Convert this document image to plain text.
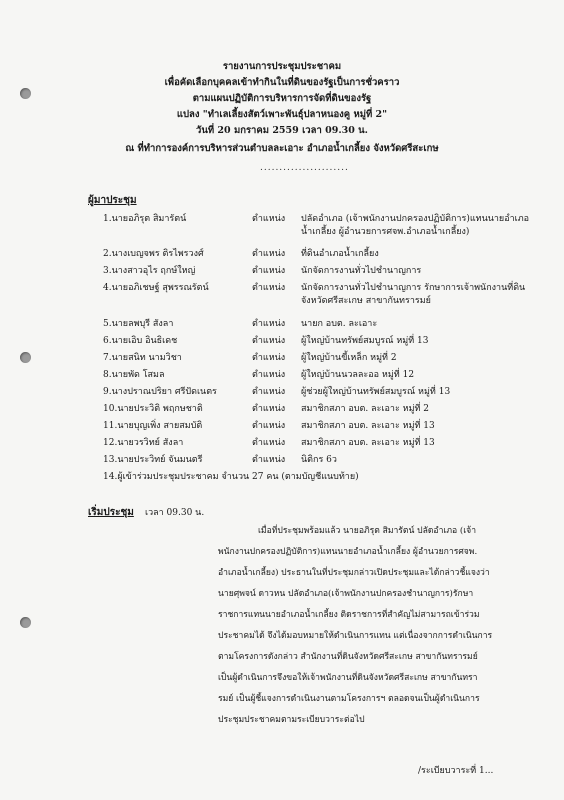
รายงานการประชุมประชาคม
เพื่อคัดเลือกบุคคลเข้าทำกินในที่ดินของรัฐเป็นการชั่วคราว
ตามแผนปฏิบัติการบริหารการจัดที่ดินของรัฐ
แปลง "ทำเลเลี้ยงสัตว์เพาะพันธุ์ปลาหนองคู หมู่ที่ 2"
วันที่ 20 มกราคม 2559 เวลา 09.30 น.
ณ ที่ทำการองค์การบริหารส่วนตำบลละเอาะ อำเภอน้ำเกลี้ยง จังหวัดศรีสะเกษ
.......................
ผู้มาประชุม
1.นายอภิรุต สิมารัตน์	ตำแหน่ง ปลัดอำเภอ (เจ้าพนักงานปกครองปฏิบัติการ)แทนนายอำเภอ
น้ำเกลี้ยง ผู้อำนวยการศจพ.อำเภอน้ำเกลี้ยง)
2.นางเบญจพร ติรไพรวงศ์	ตำแหน่ง ที่ดินอำเภอน้ำเกลี้ยง
3.นางสาวอุไร ฤกษ์ใหญ่	ตำแหน่ง นักจัดการงานทั่วไปชำนาญการ
4.นายอภิเชษฐ์ สุพรรณรัตน์	ตำแหน่ง นักจัดการงานทั่วไปชำนาญการ รักษาการเจ้าพนักงานที่ดิน
จังหวัดศรีสะเกษ สาขากันทรารมย์
5.นายลพบุรี สังลา	ตำแหน่ง นายก อบต. ละเอาะ
6.นายเอิบ อินธิเดช	ตำแหน่ง ผู้ใหญ่บ้านทรัพย์สมบูรณ์ หมู่ที่ 13
7.นายสนิท นามวิชา	ตำแหน่ง ผู้ใหญ่บ้านขี้เหล็ก หมู่ที่ 2
8.นายพัด โสมล	ตำแหน่ง ผู้ใหญ่บ้านนวลละออ หมู่ที่ 12
9.นางปราณปริยา ศรีปัดเนตร	ตำแหน่ง ผู้ช่วยผู้ใหญ่บ้านทรัพย์สมบูรณ์ หมู่ที่ 13
10.นายประวิติ พฤกษชาติ	ตำแหน่ง สมาชิกสภา อบต. ละเอาะ หมู่ที่ 2
11.นายบุญเพิ่ง สายสมบัติ	ตำแหน่ง สมาชิกสภา อบต. ละเอาะ หมู่ที่ 13
12.นายวรวิทย์ สังลา	ตำแหน่ง สมาชิกสภา อบต. ละเอาะ หมู่ที่ 13
13.นายประวิทย์ จันมนตรี	ตำแหน่ง นิติกร 6ว
14.ผู้เข้าร่วมประชุมประชาคม จำนวน 27 คน (ตามบัญชีแนบท้าย)
เริ่มประชุม เวลา 09.30 น.
เมื่อที่ประชุมพร้อมแล้ว นายอภิรุต สิมารัตน์ ปลัดอำเภอ (เจ้า
พนักงานปกครองปฏิบัติการ)แทนนายอำเภอน้ำเกลี้ยง ผู้อำนวยการศจพ.
อำเภอน้ำเกลี้ยง) ประธานในที่ประชุมกล่าวเปิดประชุมและได้กล่าวชี้แจงว่า
นายศุพจน์ ดาวหน ปลัดอำเภอ(เจ้าพนักงานปกครองชำนาญการ)รักษา
ราชการแทนนายอำเภอน้ำเกลี้ยง ติดราชการที่สำคัญไม่สามารถเข้าร่วม
ประชาคมได้ จึงได้มอบหมายให้ดำเนินการแทน แต่เนื่องจากการดำเนินการ
ตามโครงการดังกล่าว สำนักงานที่ดินจังหวัดศรีสะเกษ สาขากันทรารมย์
เป็นผู้ดำเนินการจึงขอให้เจ้าพนักงานที่ดินจังหวัดศรีสะเกษ สาขากันทรา
รมย์ เป็นผู้ชี้แจงการดำเนินงานตามโครงการฯ ตลอดจนเป็นผู้ดำเนินการ
ประชุมประชาคมตามระเบียบวาระต่อไป
/ระเบียบวาระที่ 1...
